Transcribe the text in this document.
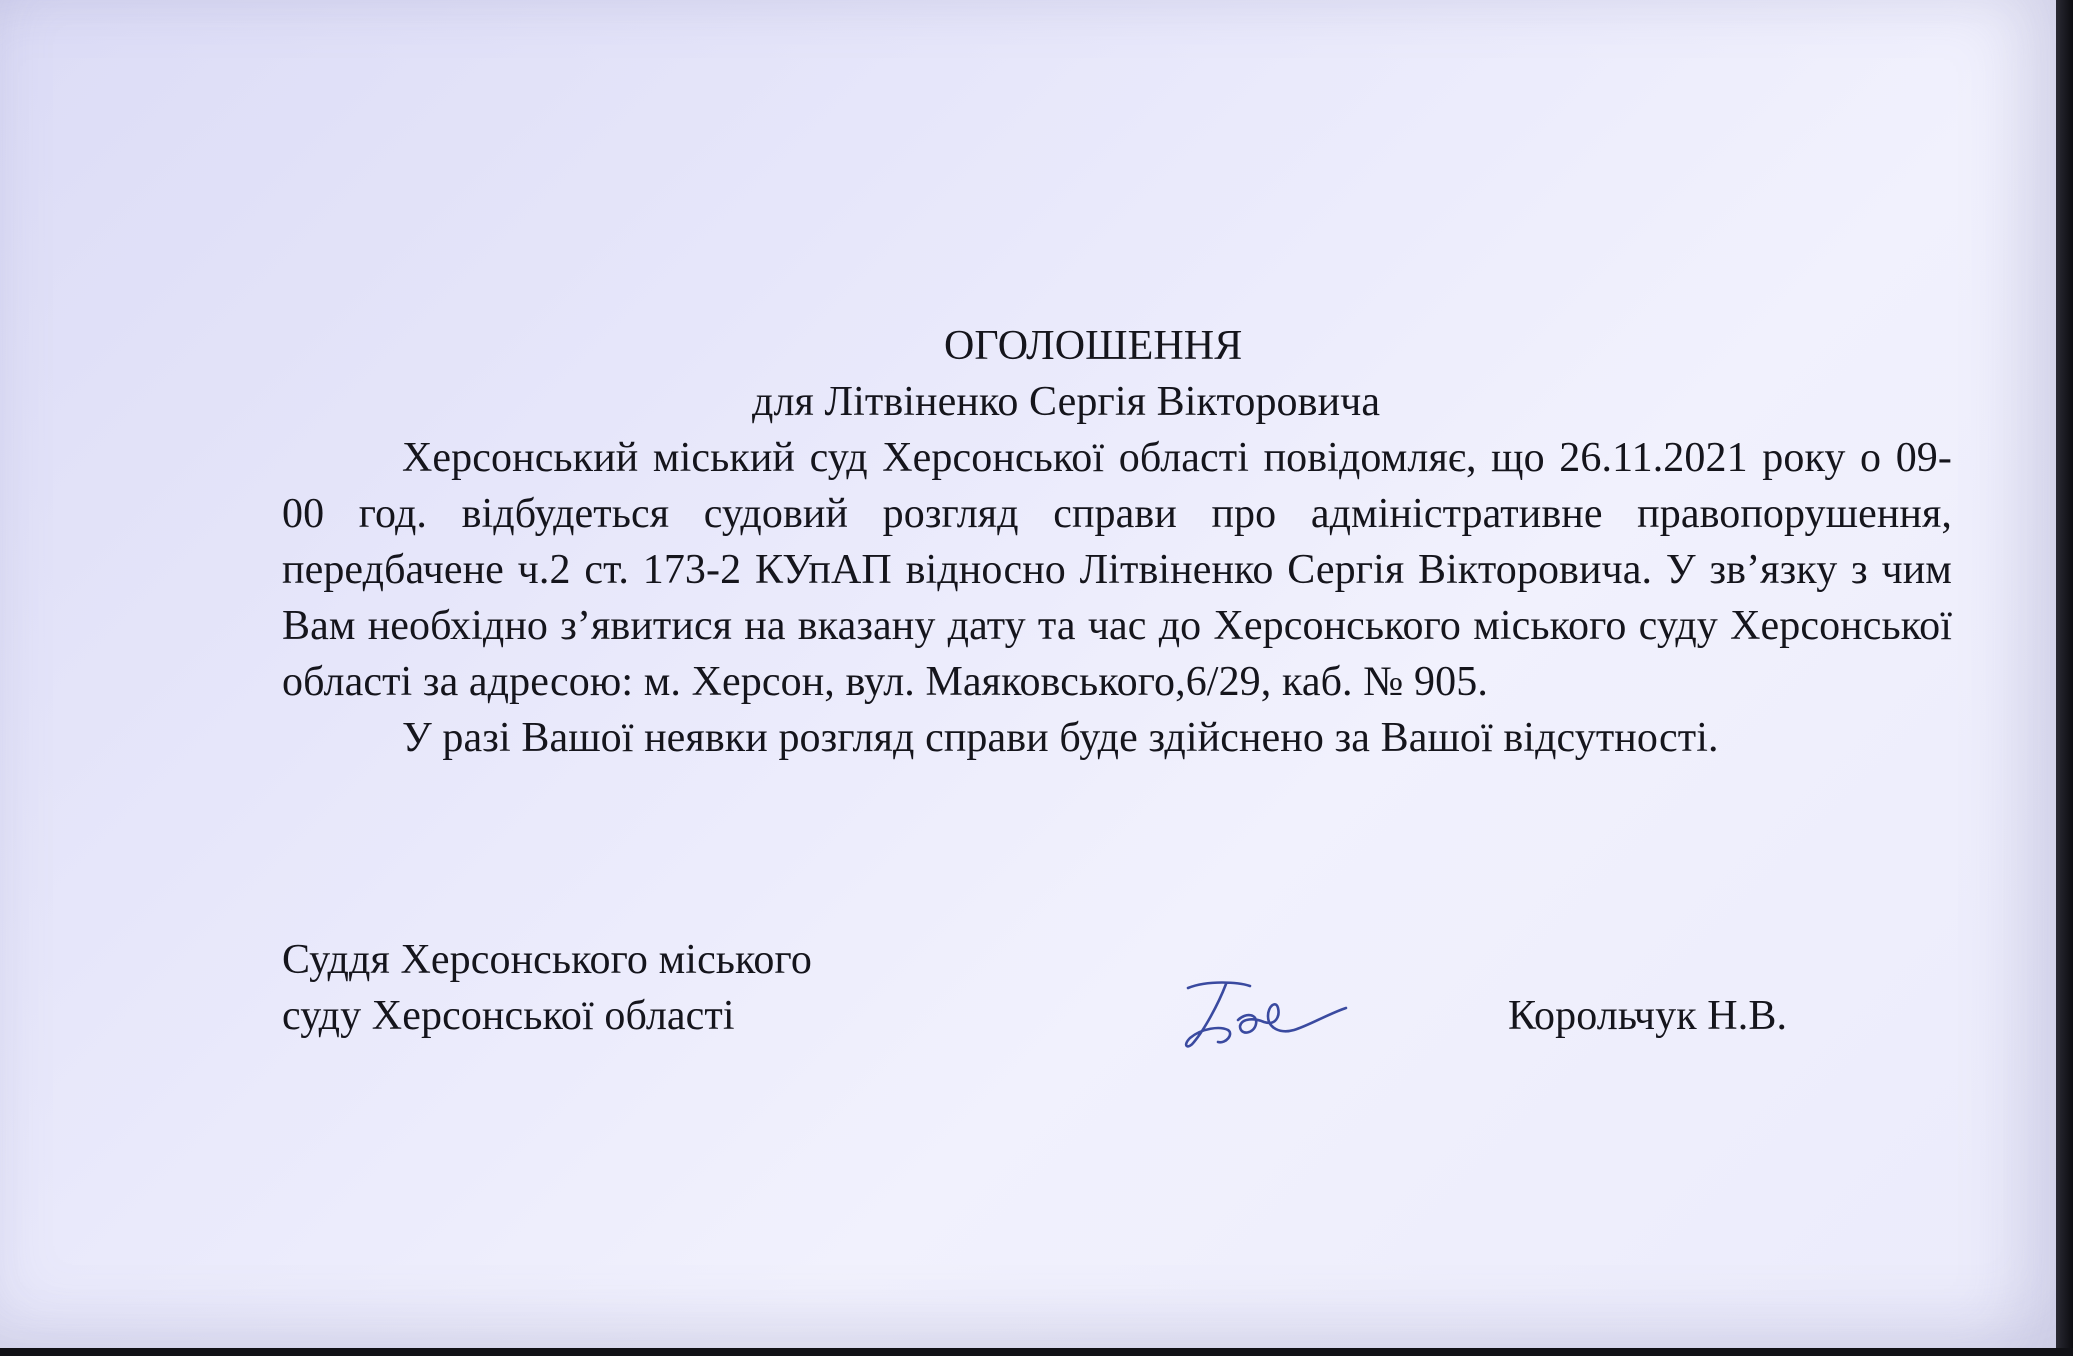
ОГОЛОШЕННЯ
для Літвіненко Сергія Вікторовича

Херсонський міський суд Херсонської області повідомляє, що 26.11.2021 року о 09-00 год. відбудеться судовий розгляд справи про адміністративне правопорушення, передбачене ч.2 ст. 173-2 КУпАП відносно Літвіненко Сергія Вікторовича. У зв’язку з чим Вам необхідно з’явитися на вказану дату та час до Херсонського міського суду Херсонської області за адресою: м. Херсон, вул. Маяковського,6/29, каб. № 905.

У разі Вашої неявки розгляд справи буде здійснено за Вашої відсутності.

Суддя Херсонського міського
суду Херсонської області	Корольчук Н.В.
